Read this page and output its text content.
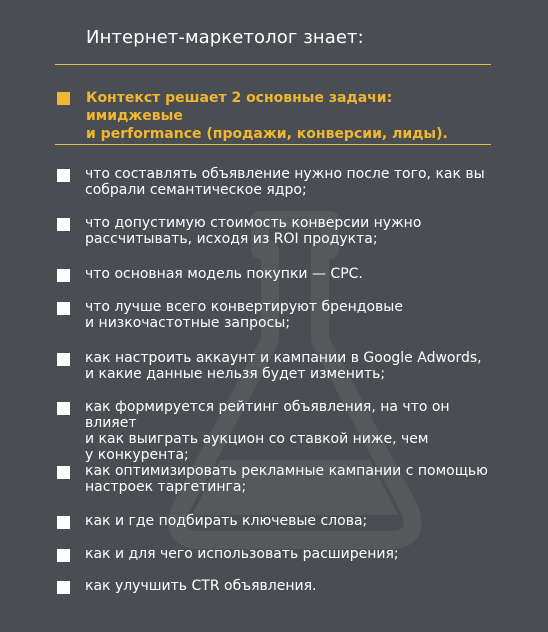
Интернет-маркетолог знает:
Контекст решает 2 основные задачи: имиджевые
и performance (продажи, конверсии, лиды).
что составлять объявление нужно после того, как вы
собрали семантическое ядро;
что допустимую стоимость конверсии нужно
рассчитывать, исходя из ROI продукта;
что основная модель покупки — CPC.
что лучше всего конвертируют брендовые
и низкочастотные запросы;
как настроить аккаунт и кампании в Google Adwords,
и какие данные нельзя будет изменить;
как формируется рейтинг объявления, на что он влияет
и как выиграть аукцион со ставкой ниже, чем
у конкурента;
как оптимизировать рекламные кампании с помощью
настроек таргетинга;
как и где подбирать ключевые слова;
как и для чего использовать расширения;
как улучшить CTR объявления.
